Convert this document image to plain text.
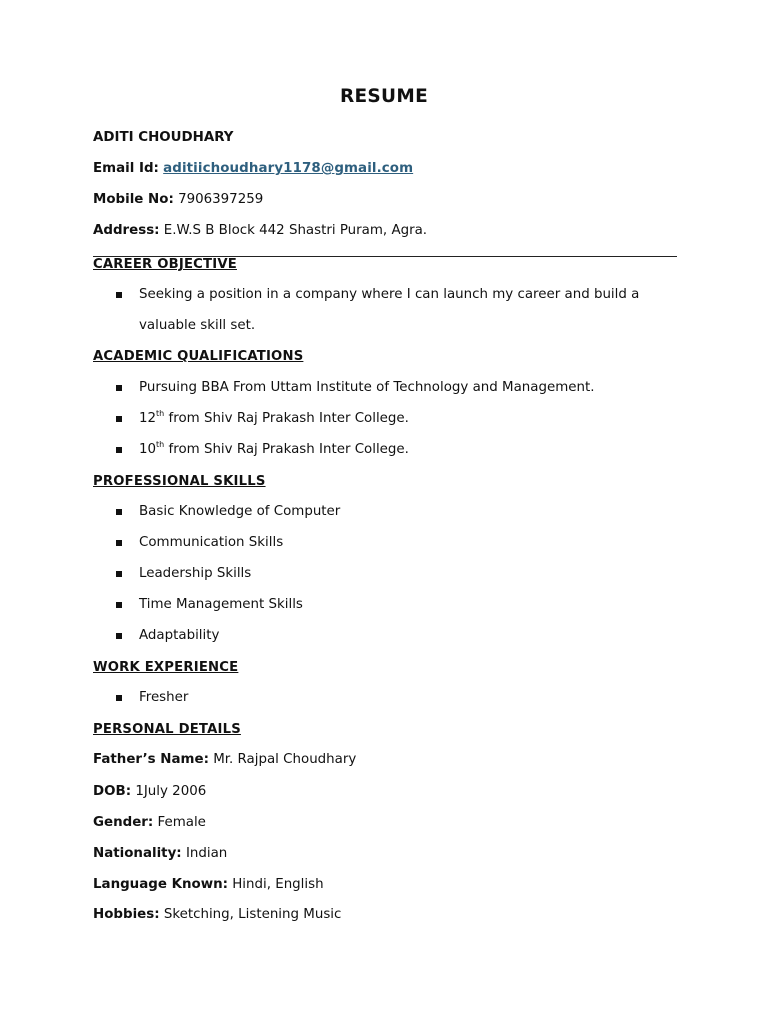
RESUME
ADITI CHOUDHARY
Email Id: aditiichoudhary1178@gmail.com
Mobile No: 7906397259
Address: E.W.S B Block 442 Shastri Puram, Agra.
CAREER OBJECTIVE
Seeking a position in a company where I can launch my career and build a
valuable skill set.
ACADEMIC QUALIFICATIONS
Pursuing BBA From Uttam Institute of Technology and Management.
12th from Shiv Raj Prakash Inter College.
10th from Shiv Raj Prakash Inter College.
PROFESSIONAL SKILLS
Basic Knowledge of Computer
Communication Skills
Leadership Skills
Time Management Skills
Adaptability
WORK EXPERIENCE
Fresher
PERSONAL DETAILS
Father’s Name: Mr. Rajpal Choudhary
DOB: 1July 2006
Gender: Female
Nationality: Indian
Language Known: Hindi, English
Hobbies: Sketching, Listening Music
